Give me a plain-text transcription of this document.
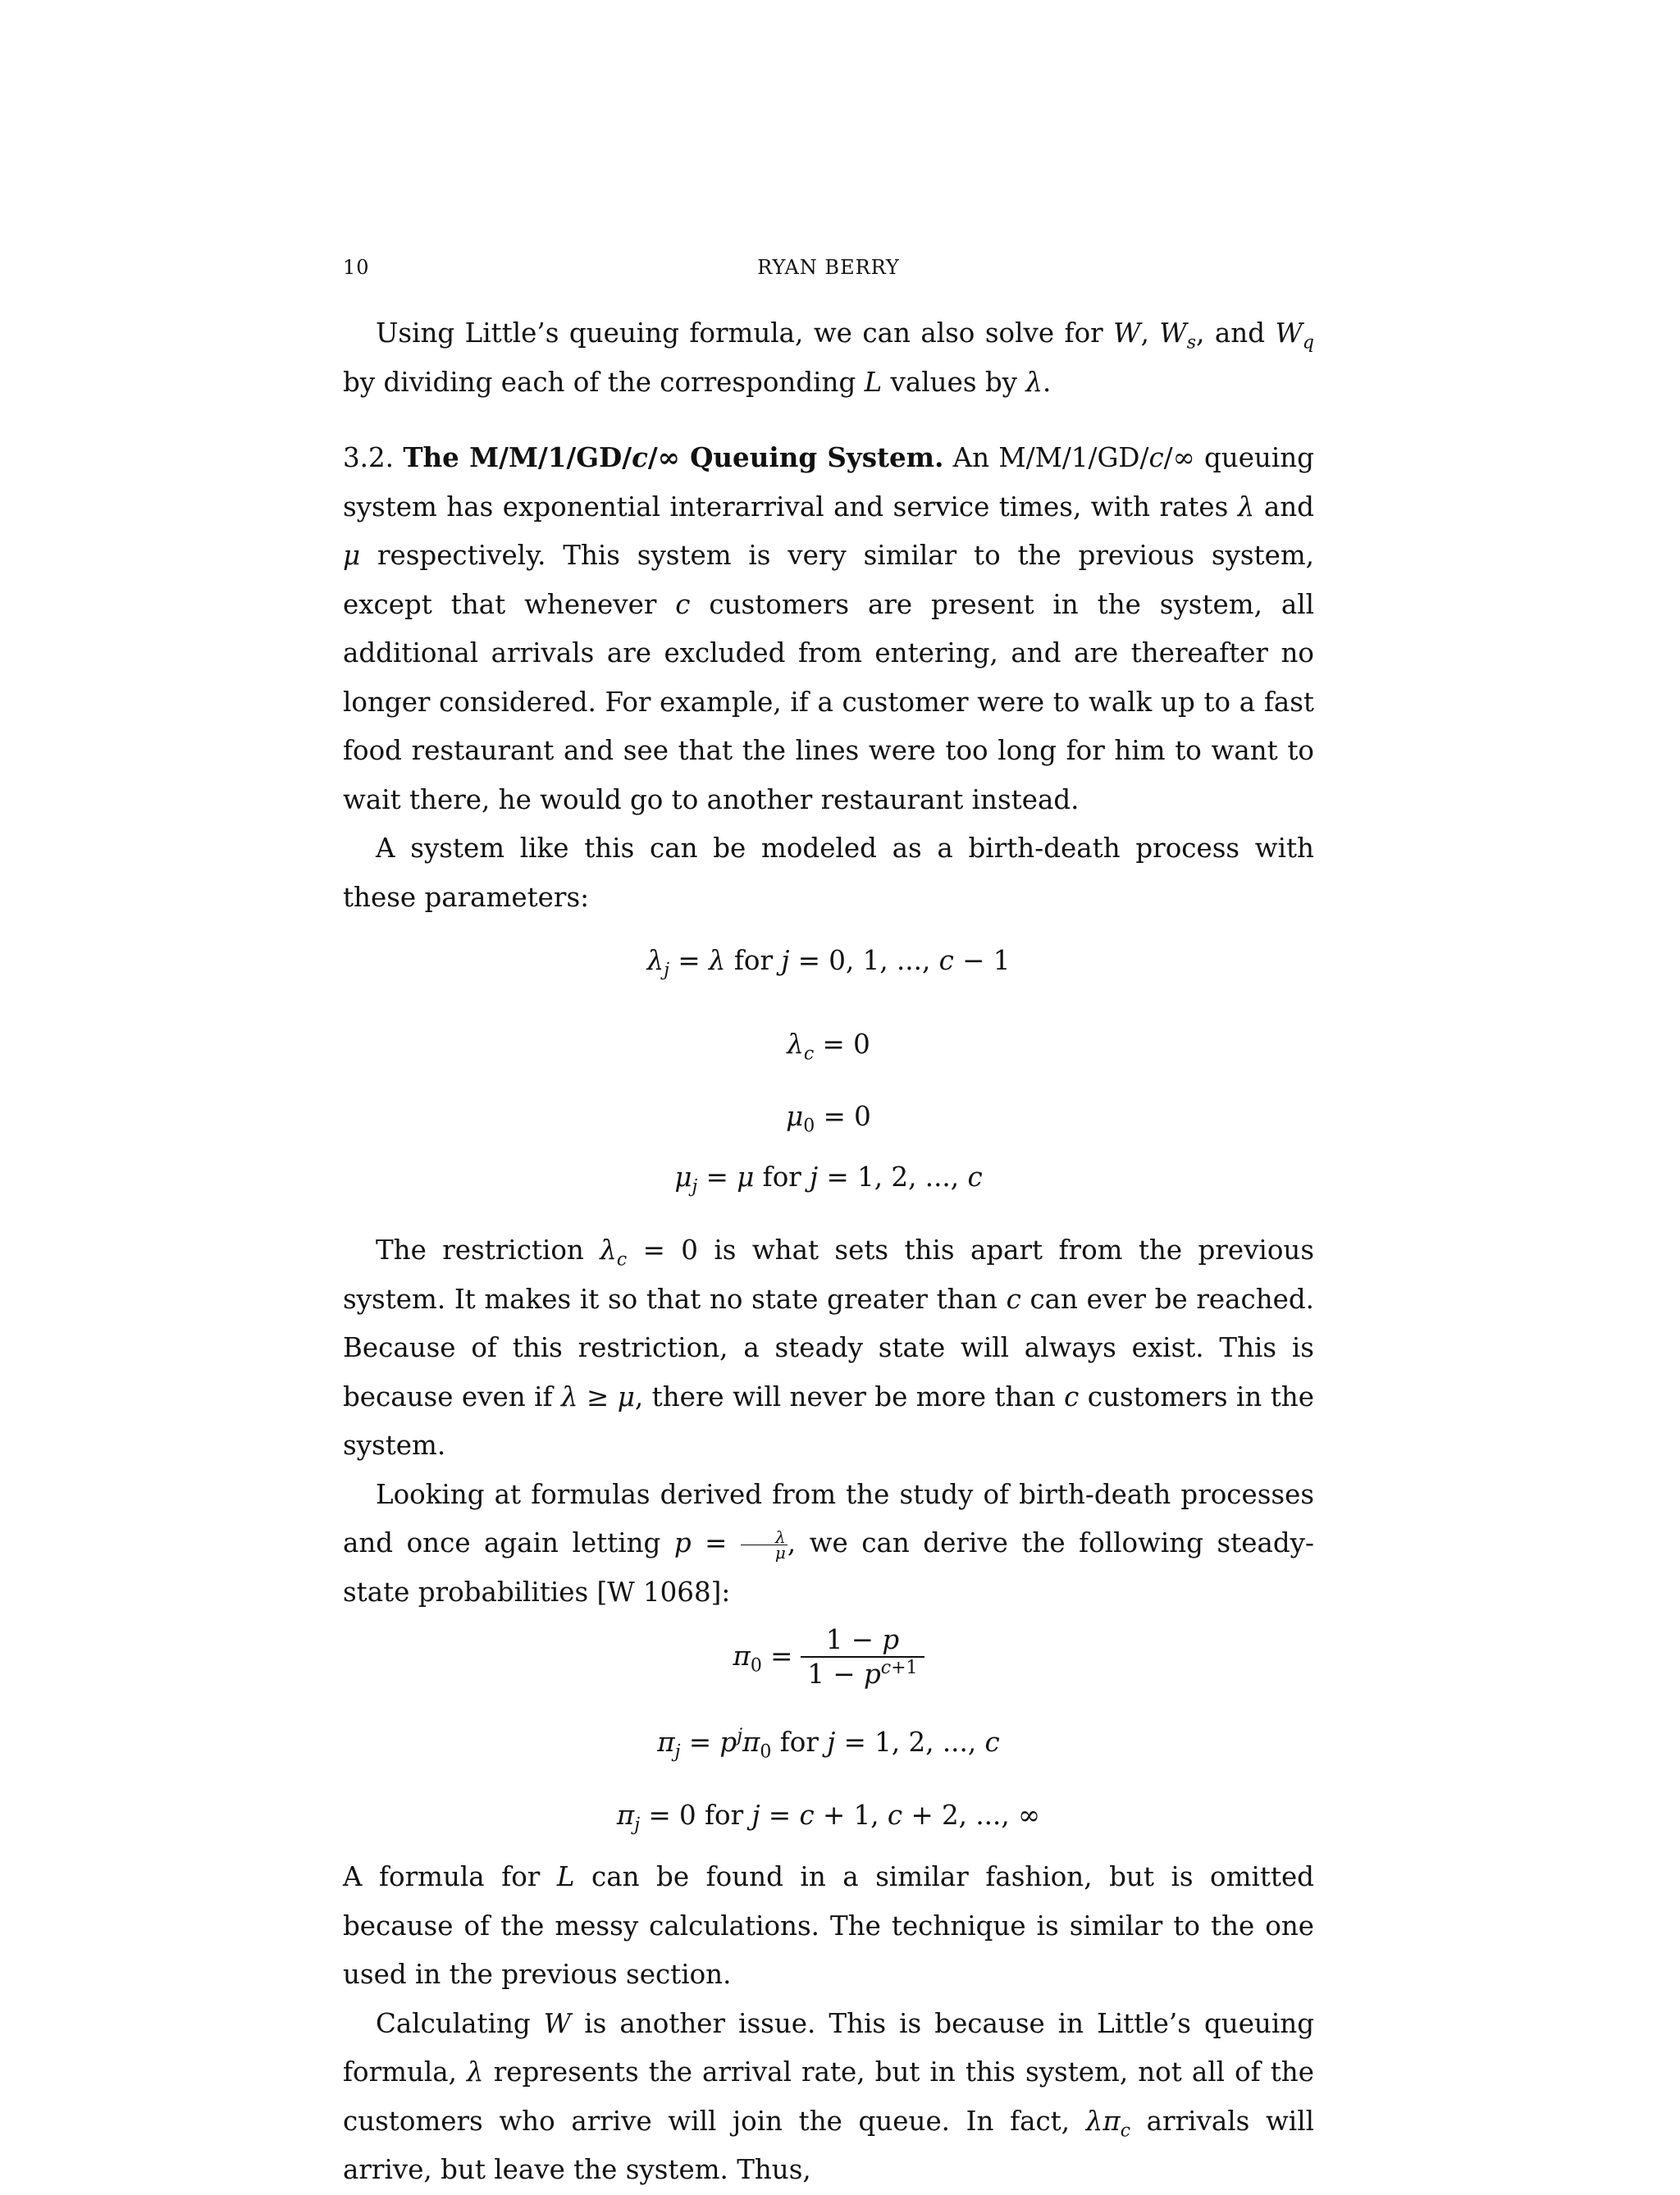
10	RYAN BERRY

Using Little’s queuing formula, we can also solve for W, $W_s$, and $W_q$ by dividing each of the corresponding L values by λ.

3.2. The M/M/1/GD/c/∞ Queuing System. An M/M/1/GD/c/∞ queuing system has exponential interarrival and service times, with rates λ and μ respectively. This system is very similar to the previous system, except that whenever c customers are present in the system, all additional arrivals are excluded from entering, and are thereafter no longer considered. For example, if a customer were to walk up to a fast food restaurant and see that the lines were too long for him to want to wait there, he would go to another restaurant instead.

A system like this can be modeled as a birth-death process with these parameters:

$\lambda_j = \lambda$ for j = 0, 1, ..., c − 1

$\lambda_c = 0$

$\mu_0 = 0$

$\mu_j = \mu$ for j = 1, 2, ..., c

The restriction $\lambda_c = 0$ is what sets this apart from the previous system. It makes it so that no state greater than c can ever be reached. Because of this restriction, a steady state will always exist. This is because even if λ ≥ μ, there will never be more than c customers in the system.

Looking at formulas derived from the study of birth-death processes and once again letting $p = \frac{\lambda}{\mu}$ , we can derive the following steady-state probabilities [W 1068]:

$\pi_0 = \frac{1 - p}{1 - p^{c+1}}$

$\pi_j = p^j\pi_0$ for j = 1, 2, ..., c

$\pi_j = 0$ for j = c + 1, c + 2, ..., ∞

A formula for L can be found in a similar fashion, but is omitted because of the messy calculations. The technique is similar to the one used in the previous section.

Calculating W is another issue. This is because in Little’s queuing formula, λ represents the arrival rate, but in this system, not all of the customers who arrive will join the queue. In fact, $\lambda\pi_c$ arrivals will arrive, but leave the system. Thus,
